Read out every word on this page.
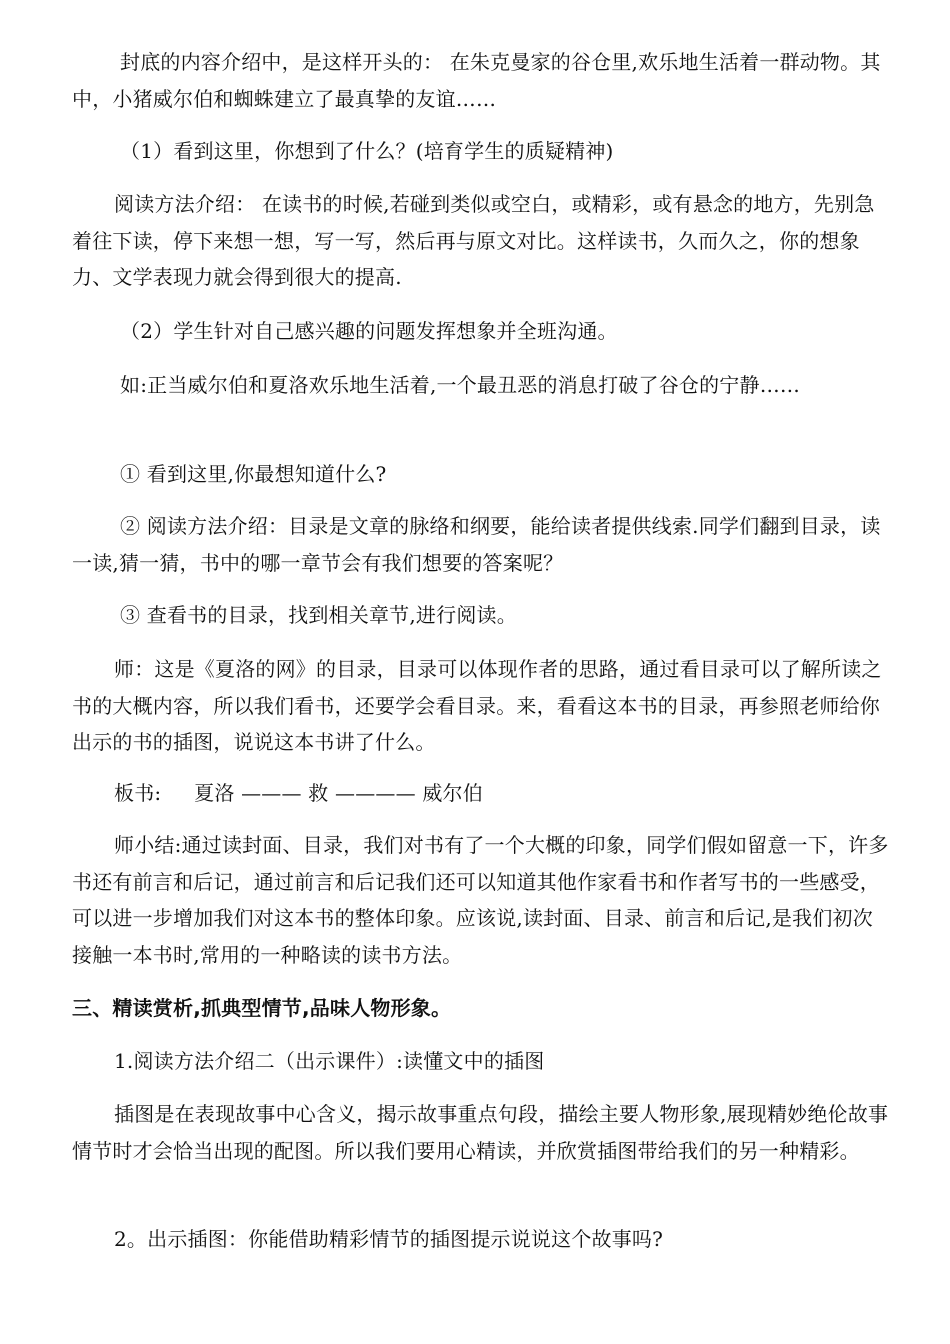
封底的内容介绍中，是这样开头的： 在朱克曼家的谷仓里,欢乐地生活着一群动物。其中，小猪威尔伯和蜘蛛建立了最真挚的友谊……

（1）看到这里，你想到了什么？(培育学生的质疑精神)

阅读方法介绍： 在读书的时候,若碰到类似或空白，或精彩，或有悬念的地方，先别急着往下读，停下来想一想，写一写，然后再与原文对比。这样读书，久而久之，你的想象力、文学表现力就会得到很大的提高.

（2）学生针对自己感兴趣的问题发挥想象并全班沟通。

如:正当威尔伯和夏洛欢乐地生活着,一个最丑恶的消息打破了谷仓的宁静……

① 看到这里,你最想知道什么?

② 阅读方法介绍：目录是文章的脉络和纲要，能给读者提供线索.同学们翻到目录，读一读,猜一猜，书中的哪一章节会有我们想要的答案呢？

③ 查看书的目录，找到相关章节,进行阅读。

师：这是《夏洛的网》的目录，目录可以体现作者的思路，通过看目录可以了解所读之书的大概内容，所以我们看书，还要学会看目录。来，看看这本书的目录，再参照老师给你出示的书的插图，说说这本书讲了什么。

板书:     夏洛 ——— 救 ———— 威尔伯

师小结:通过读封面、目录，我们对书有了一个大概的印象，同学们假如留意一下，许多书还有前言和后记，通过前言和后记我们还可以知道其他作家看书和作者写书的一些感受，可以进一步增加我们对这本书的整体印象。应该说,读封面、目录、前言和后记,是我们初次接触一本书时,常用的一种略读的读书方法。

三、精读赏析,抓典型情节,品味人物形象。

1.阅读方法介绍二（出示课件）:读懂文中的插图

插图是在表现故事中心含义，揭示故事重点句段，描绘主要人物形象,展现精妙绝伦故事情节时才会恰当出现的配图。所以我们要用心精读，并欣赏插图带给我们的另一种精彩。

2。出示插图：你能借助精彩情节的插图提示说说这个故事吗?
